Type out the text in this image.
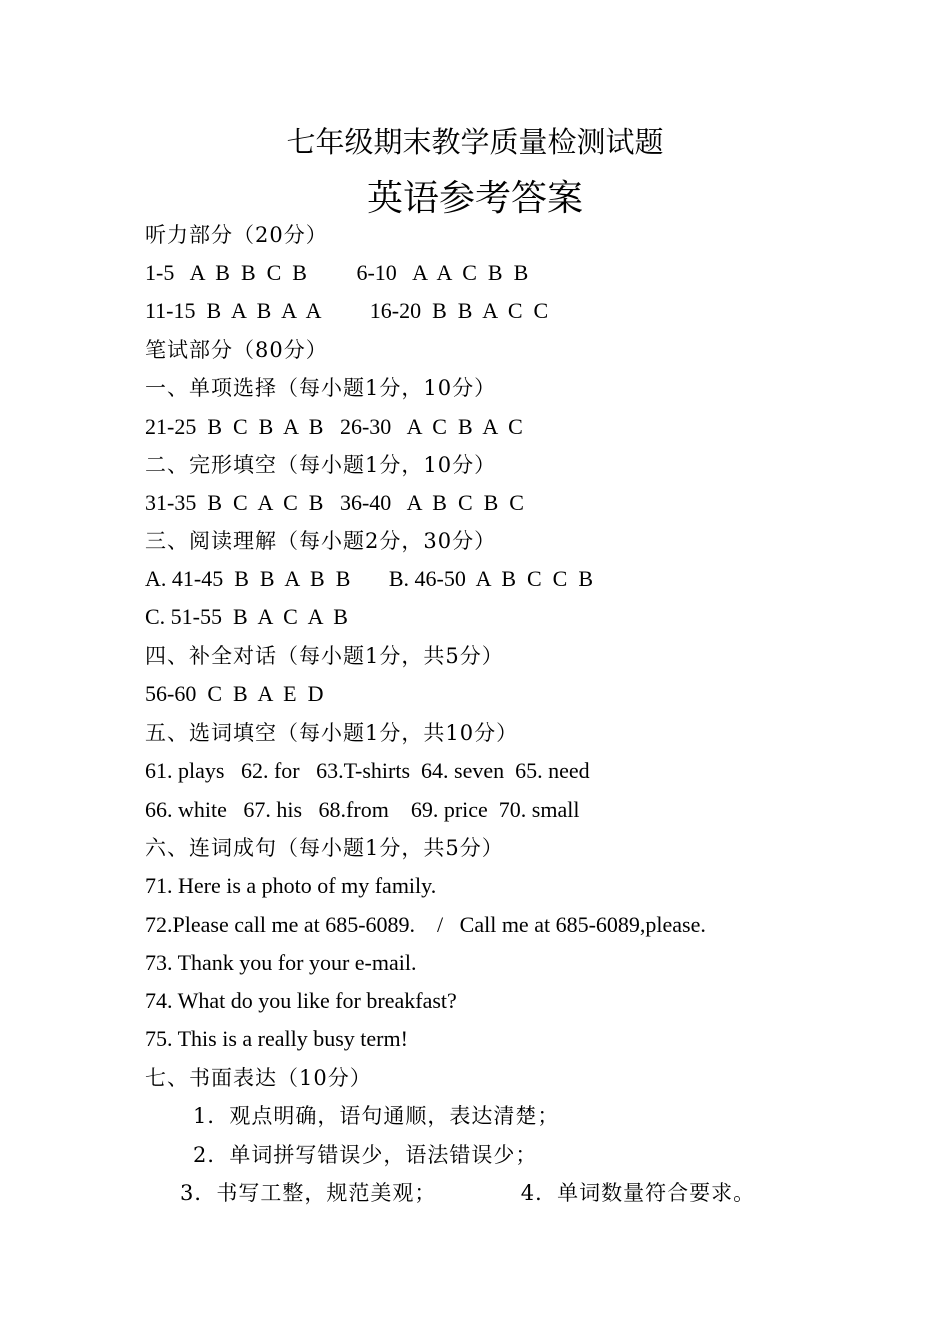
七年级期末教学质量检测试题
英语参考答案
听力部分（20分）
1-5   A  B  B  C  B         6-10   A  A  C  B  B
11-15  B  A  B  A  A         16-20  B  B  A  C  C
笔试部分（80分）
一、单项选择（每小题1分，10分）
21-25  B  C  B  A  B   26-30   A  C  B  A  C
二、完形填空（每小题1分，10分）
31-35  B  C  A  C  B   36-40   A  B  C  B  C
三、阅读理解（每小题2分，30分）
A. 41-45  B  B  A  B  B       B. 46-50  A  B  C  C  B
C. 51-55  B  A  C  A  B
四、补全对话（每小题1分，共5分）
56-60  C  B  A  E  D
五、选词填空（每小题1分，共10分）
61. plays   62. for   63.T-shirts  64. seven  65. need
66. white   67. his   68.from    69. price  70. small
六、连词成句（每小题1分，共5分）
71. Here is a photo of my family.
72.Please call me at 685-6089.    /   Call me at 685-6089,please.
73. Thank you for your e-mail.
74. What do you like for breakfast?
75. This is a really busy term!
七、书面表达（10分）
1．观点明确，语句通顺，表达清楚；
2．单词拼写错误少，语法错误少；
3．书写工整，规范美观；           4．单词数量符合要求。
